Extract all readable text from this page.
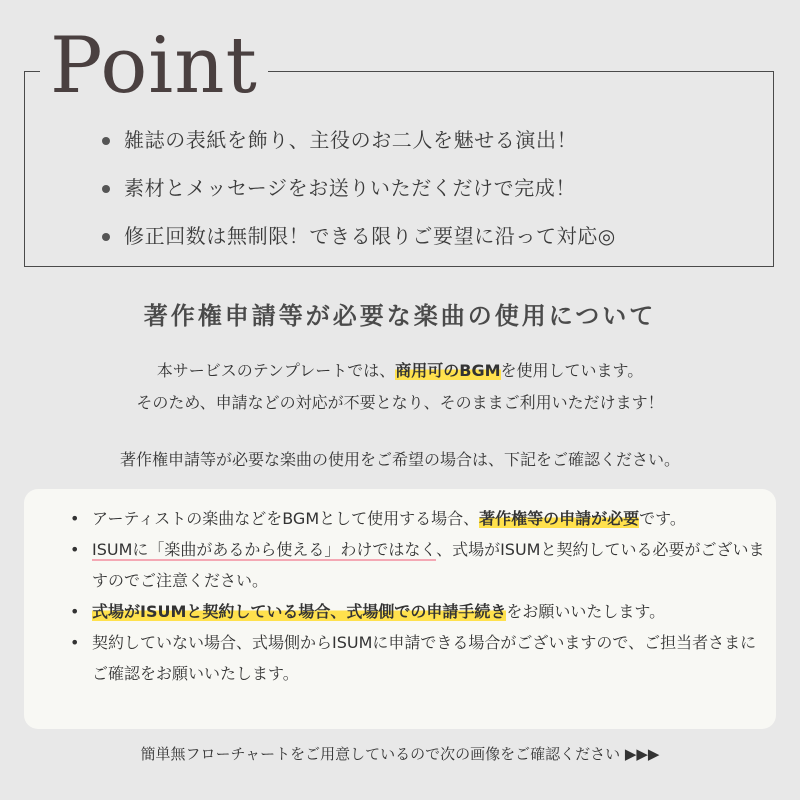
Point
雑誌の表紙を飾り、主役のお二人を魅せる演出！
素材とメッセージをお送りいただくだけで完成！
修正回数は無制限！できる限りご要望に沿って対応◎
著作権申請等が必要な楽曲の使用について

本サービスのテンプレートでは、商用可のBGMを使用しています。

そのため、申請などの対応が不要となり、そのままご利用いただけます！

著作権申請等が必要な楽曲の使用をご希望の場合は、下記をご確認ください。
• アーティストの楽曲などをBGMとして使用する場合、著作権等の申請が必要です。
• ISUMに「楽曲があるから使える」わけではなく、式場がISUMと契約している必要がございますのでご注意ください。
• 式場がISUMと契約している場合、式場側での申請手続きをお願いいたします。
• 契約していない場合、式場側からISUMに申請できる場合がございますので、ご担当者さまにご確認をお願いいたします。
簡単無フローチャートをご用意しているので次の画像をご確認ください ▶▶▶
